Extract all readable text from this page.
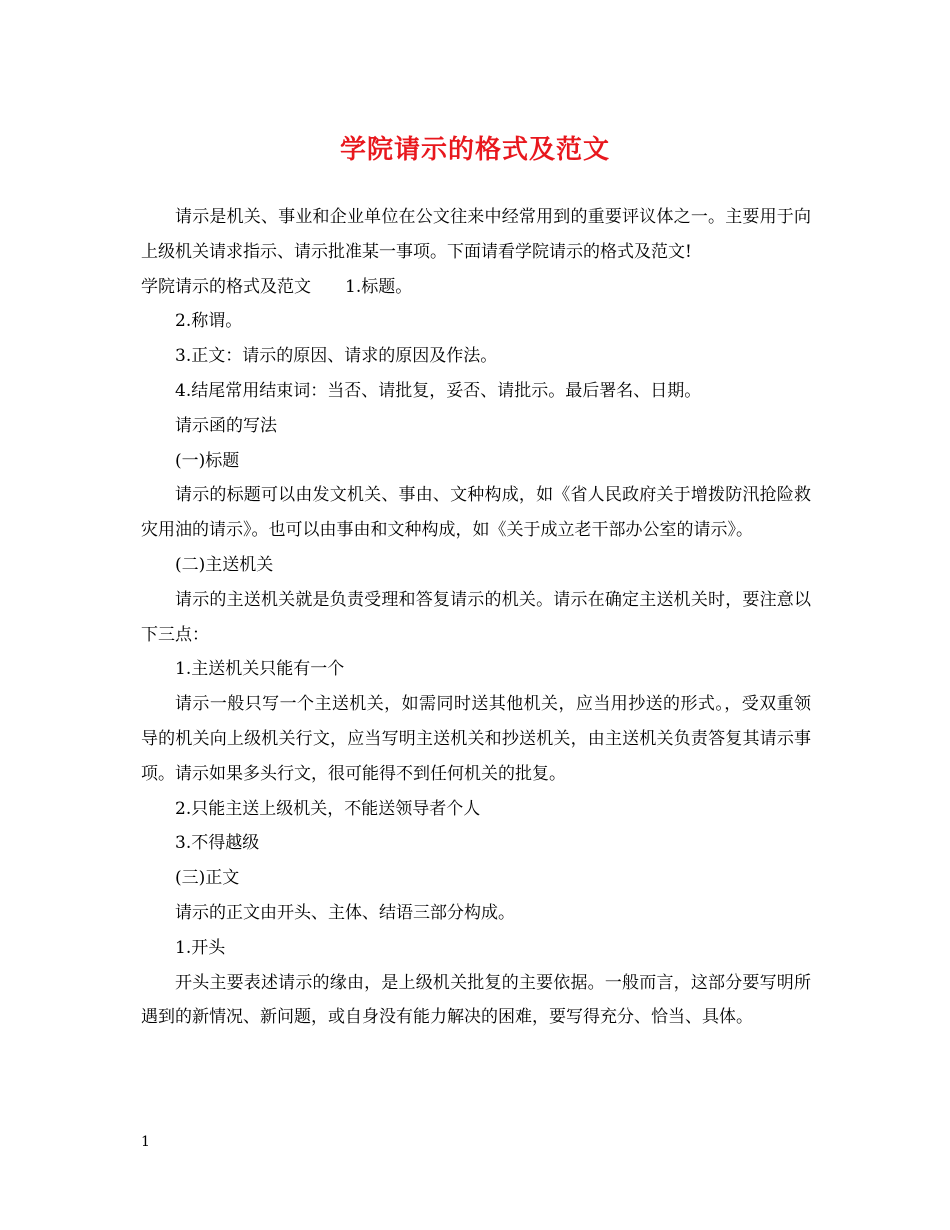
学院请示的格式及范文

请示是机关、事业和企业单位在公文往来中经常用到的重要评议体之一。主要用于向上级机关请求指示、请示批准某一事项。下面请看学院请示的格式及范文!

学院请示的格式及范文　　1.标题。

2.称谓。

3.正文：请示的原因、请求的原因及作法。

4.结尾常用结束词：当否、请批复，妥否、请批示。最后署名、日期。

请示函的写法

(一)标题

请示的标题可以由发文机关、事由、文种构成，如《省人民政府关于增拨防汛抢险救灾用油的请示》。也可以由事由和文种构成，如《关于成立老干部办公室的请示》。

(二)主送机关

请示的主送机关就是负责受理和答复请示的机关。请示在确定主送机关时，要注意以下三点：

1.主送机关只能有一个

请示一般只写一个主送机关，如需同时送其他机关，应当用抄送的形式。，受双重领导的机关向上级机关行文，应当写明主送机关和抄送机关，由主送机关负责答复其请示事项。请示如果多头行文，很可能得不到任何机关的批复。

2.只能主送上级机关，不能送领导者个人

3.不得越级

(三)正文

请示的正文由开头、主体、结语三部分构成。

1.开头

开头主要表述请示的缘由，是上级机关批复的主要依据。一般而言，这部分要写明所遇到的新情况、新问题，或自身没有能力解决的困难，要写得充分、恰当、具体。

1
